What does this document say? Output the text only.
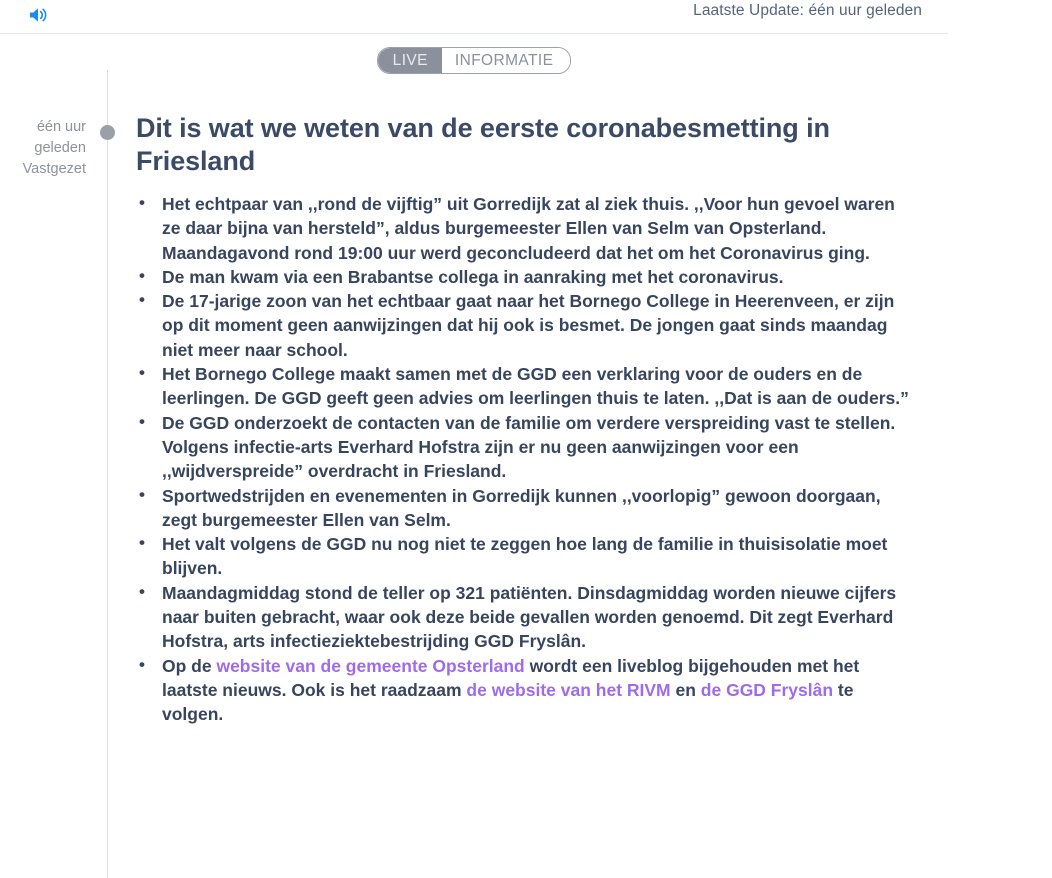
Laatste Update: één uur geleden
LIVE	INFORMATIE
één uur
geleden
Vastgezet
Dit is wat we weten van de eerste coronabesmetting in Friesland
• Het echtpaar van ,,rond de vijftig” uit Gorredijk zat al ziek thuis. ,,Voor hun gevoel waren ze daar bijna van hersteld”, aldus burgemeester Ellen van Selm van Opsterland. Maandagavond rond 19:00 uur werd geconcludeerd dat het om het Coronavirus ging.
• De man kwam via een Brabantse collega in aanraking met het coronavirus.
• De 17-jarige zoon van het echtbaar gaat naar het Bornego College in Heerenveen, er zijn op dit moment geen aanwijzingen dat hij ook is besmet. De jongen gaat sinds maandag niet meer naar school.
• Het Bornego College maakt samen met de GGD een verklaring voor de ouders en de leerlingen. De GGD geeft geen advies om leerlingen thuis te laten. ,,Dat is aan de ouders.”
• De GGD onderzoekt de contacten van de familie om verdere verspreiding vast te stellen. Volgens infectie-arts Everhard Hofstra zijn er nu geen aanwijzingen voor een ,,wijdverspreide” overdracht in Friesland.
• Sportwedstrijden en evenementen in Gorredijk kunnen ,,voorlopig” gewoon doorgaan, zegt burgemeester Ellen van Selm.
• Het valt volgens de GGD nu nog niet te zeggen hoe lang de familie in thuisisolatie moet blijven.
• Maandagmiddag stond de teller op 321 patiënten. Dinsdagmiddag worden nieuwe cijfers naar buiten gebracht, waar ook deze beide gevallen worden genoemd. Dit zegt Everhard Hofstra, arts infectieziektebestrijding GGD Fryslân.
• Op de website van de gemeente Opsterland wordt een liveblog bijgehouden met het laatste nieuws. Ook is het raadzaam de website van het RIVM en de GGD Fryslân te volgen.
